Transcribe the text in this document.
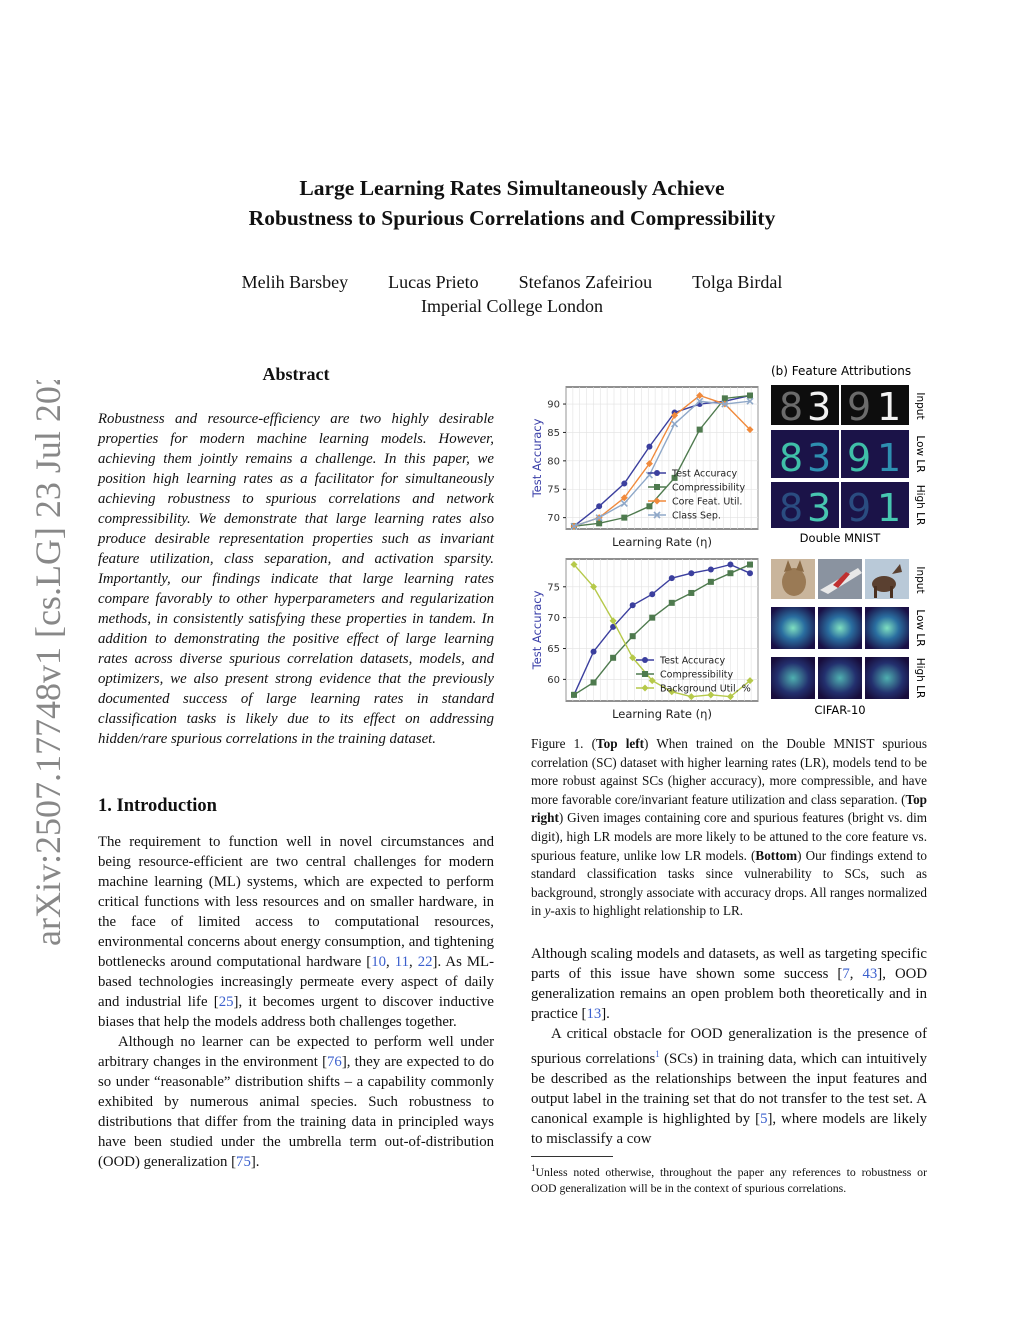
arXiv:2507.17748v1 [cs.LG] 23 Jul 2025
Large Learning Rates Simultaneously Achieve
Robustness to Spurious Correlations and Compressibility
Melih Barsbey Lucas Prieto Stefanos Zafeiriou Tolga Birdal
Imperial College London
Abstract
Robustness and resource-efficiency are two highly desirable properties for modern machine learning models. However, achieving them jointly remains a challenge. In this paper, we position high learning rates as a facilitator for simultaneously achieving robustness to spurious correlations and network compressibility. We demonstrate that large learning rates also produce desirable representation properties such as invariant feature utilization, class separation, and activation sparsity. Importantly, our findings indicate that large learning rates compare favorably to other hyperparameters and regularization methods, in consistently satisfying these properties in tandem. In addition to demonstrating the positive effect of large learning rates across diverse spurious correlation datasets, models, and optimizers, we also present strong evidence that the previously documented success of large learning rates in standard classification tasks is likely due to its effect on addressing hidden/rare spurious correlations in the training dataset.
1. Introduction

The requirement to function well in novel circumstances and being resource-efficient are two central challenges for modern machine learning (ML) systems, which are expected to perform critical functions with less resources and on smaller hardware, in the face of limited access to computational resources, environmental concerns about energy consumption, and tightening bottlenecks around computational hardware [10, 11, 22]. As ML-based technologies increasingly permeate every aspect of daily and industrial life [25], it becomes urgent to discover inductive biases that help the models address both challenges together.

Although no learner can be expected to perform well under arbitrary changes in the environment [76], they are expected to do so under “reasonable” distribution shifts – a capability commonly exhibited by numerous animal species. Such robustness to distributions that differ from the training data in principled ways have been studied under the umbrella term out-of-distribution (OOD) generalization [75].

70
75
80
85
90
Learning Rate (η)
Test Accuracy	Test Accuracy
Compressibility
Core Feat. Util.
Class Sep.
60
65
70
75
Learning Rate (η)
Test Accuracy	Test Accuracy
Compressibility
Background Util. %
(b) Feature Attributions
8 3 9 1
8 3 9 1
8 3 9 1
Input
Low LR
High LR
Double MNIST
Input
Low LR
High LR
CIFAR-10
Figure 1. (Top left) When trained on the Double MNIST spurious correlation (SC) dataset with higher learning rates (LR), models tend to be more robust against SCs (higher accuracy), more compressible, and have more favorable core/invariant feature utilization and class separation. (Top right) Given images containing core and spurious features (bright vs. dim digit), high LR models are more likely to be attuned to the core feature vs. spurious feature, unlike low LR models. (Bottom) Our findings extend to standard classification tasks since vulnerability to SCs, such as background, strongly associate with accuracy drops. All ranges normalized in y-axis to highlight relationship to LR.

Although scaling models and datasets, as well as targeting specific parts of this issue have shown some success [7, 43], OOD generalization remains an open problem both theoretically and in practice [13].

A critical obstacle for OOD generalization is the presence of spurious correlations$^1$ (SCs) in training data, which can intuitively be described as the relationships between the input features and output label in the training set that do not transfer to the test set. A canonical example is highlighted by [5], where models are likely to misclassify a cow

$^1$Unless noted otherwise, throughout the paper any references to robustness or OOD generalization will be in the context of spurious correlations.
